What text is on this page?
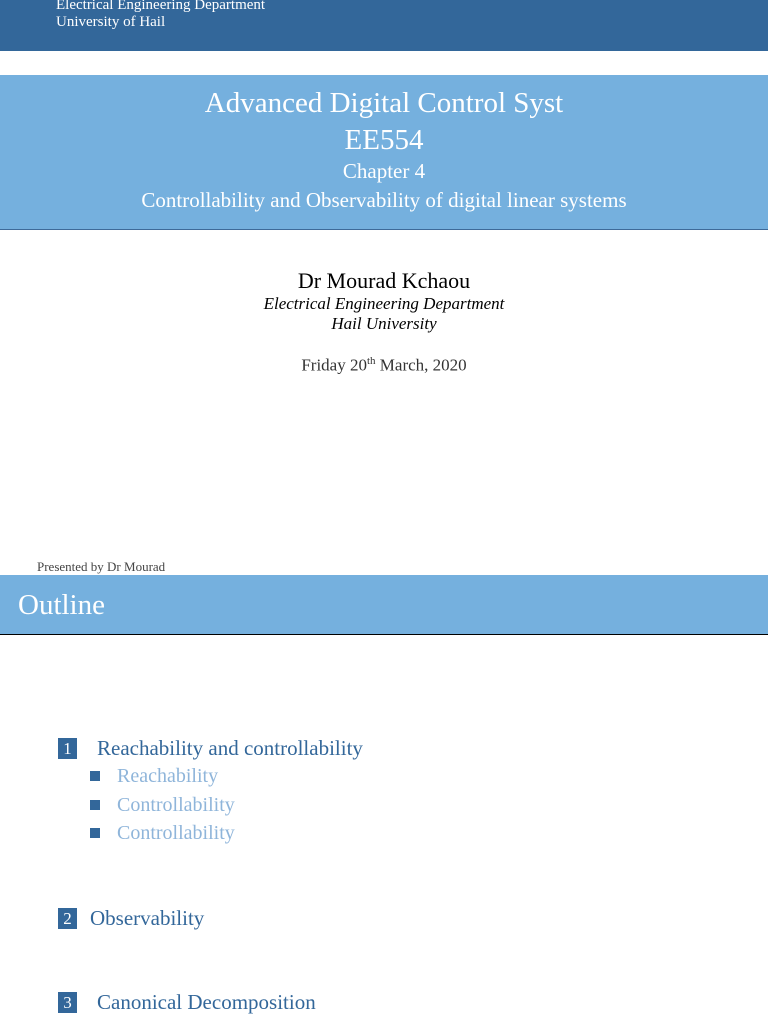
Electrical Engineering Department
University of Hail
Advanced Digital Control Syst
EE554
Chapter 4
Controllability and Observability of digital linear systems
Dr Mourad Kchaou
Electrical Engineering Department
Hail University
Friday 20th March, 2020
Presented by Dr Mourad
Outline
1 Reachability and controllability
Reachability
Controllability
Controllability
2 Observability
3 Canonical Decomposition
